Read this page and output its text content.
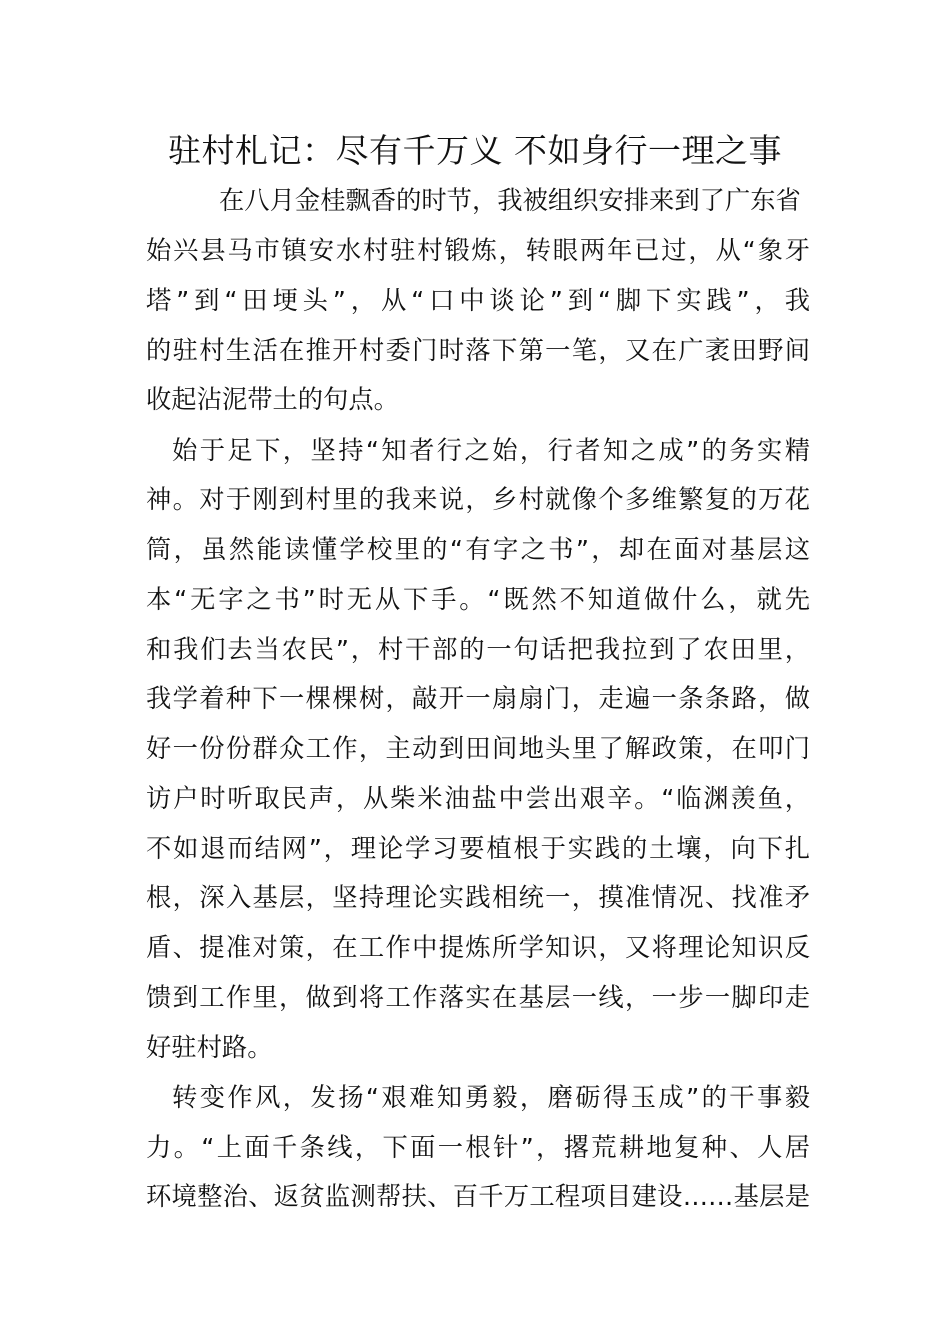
驻村札记：尽有千万义 不如身行一理之事
在八月金桂飘香的时节，我被组织安排来到了广东省
始兴县马市镇安水村驻村锻炼，转眼两年已过，从“象牙
塔”到“田埂头”，从“口中谈论”到“脚下实践”，我
的驻村生活在推开村委门时落下第一笔，又在广袤田野间
收起沾泥带土的句点。
始于足下，坚持“知者行之始，行者知之成”的务实精
神。对于刚到村里的我来说，乡村就像个多维繁复的万花
筒，虽然能读懂学校里的“有字之书”，却在面对基层这
本“无字之书”时无从下手。“既然不知道做什么，就先
和我们去当农民”，村干部的一句话把我拉到了农田里，
我学着种下一棵棵树，敲开一扇扇门，走遍一条条路，做
好一份份群众工作，主动到田间地头里了解政策，在叩门
访户时听取民声，从柴米油盐中尝出艰辛。“临渊羡鱼，
不如退而结网”，理论学习要植根于实践的土壤，向下扎
根，深入基层，坚持理论实践相统一，摸准情况、找准矛
盾、提准对策，在工作中提炼所学知识，又将理论知识反
馈到工作里，做到将工作落实在基层一线，一步一脚印走
好驻村路。
转变作风，发扬“艰难知勇毅，磨砺得玉成”的干事毅
力。“上面千条线，下面一根针”，撂荒耕地复种、人居
环境整治、返贫监测帮扶、百千万工程项目建设……基层是
